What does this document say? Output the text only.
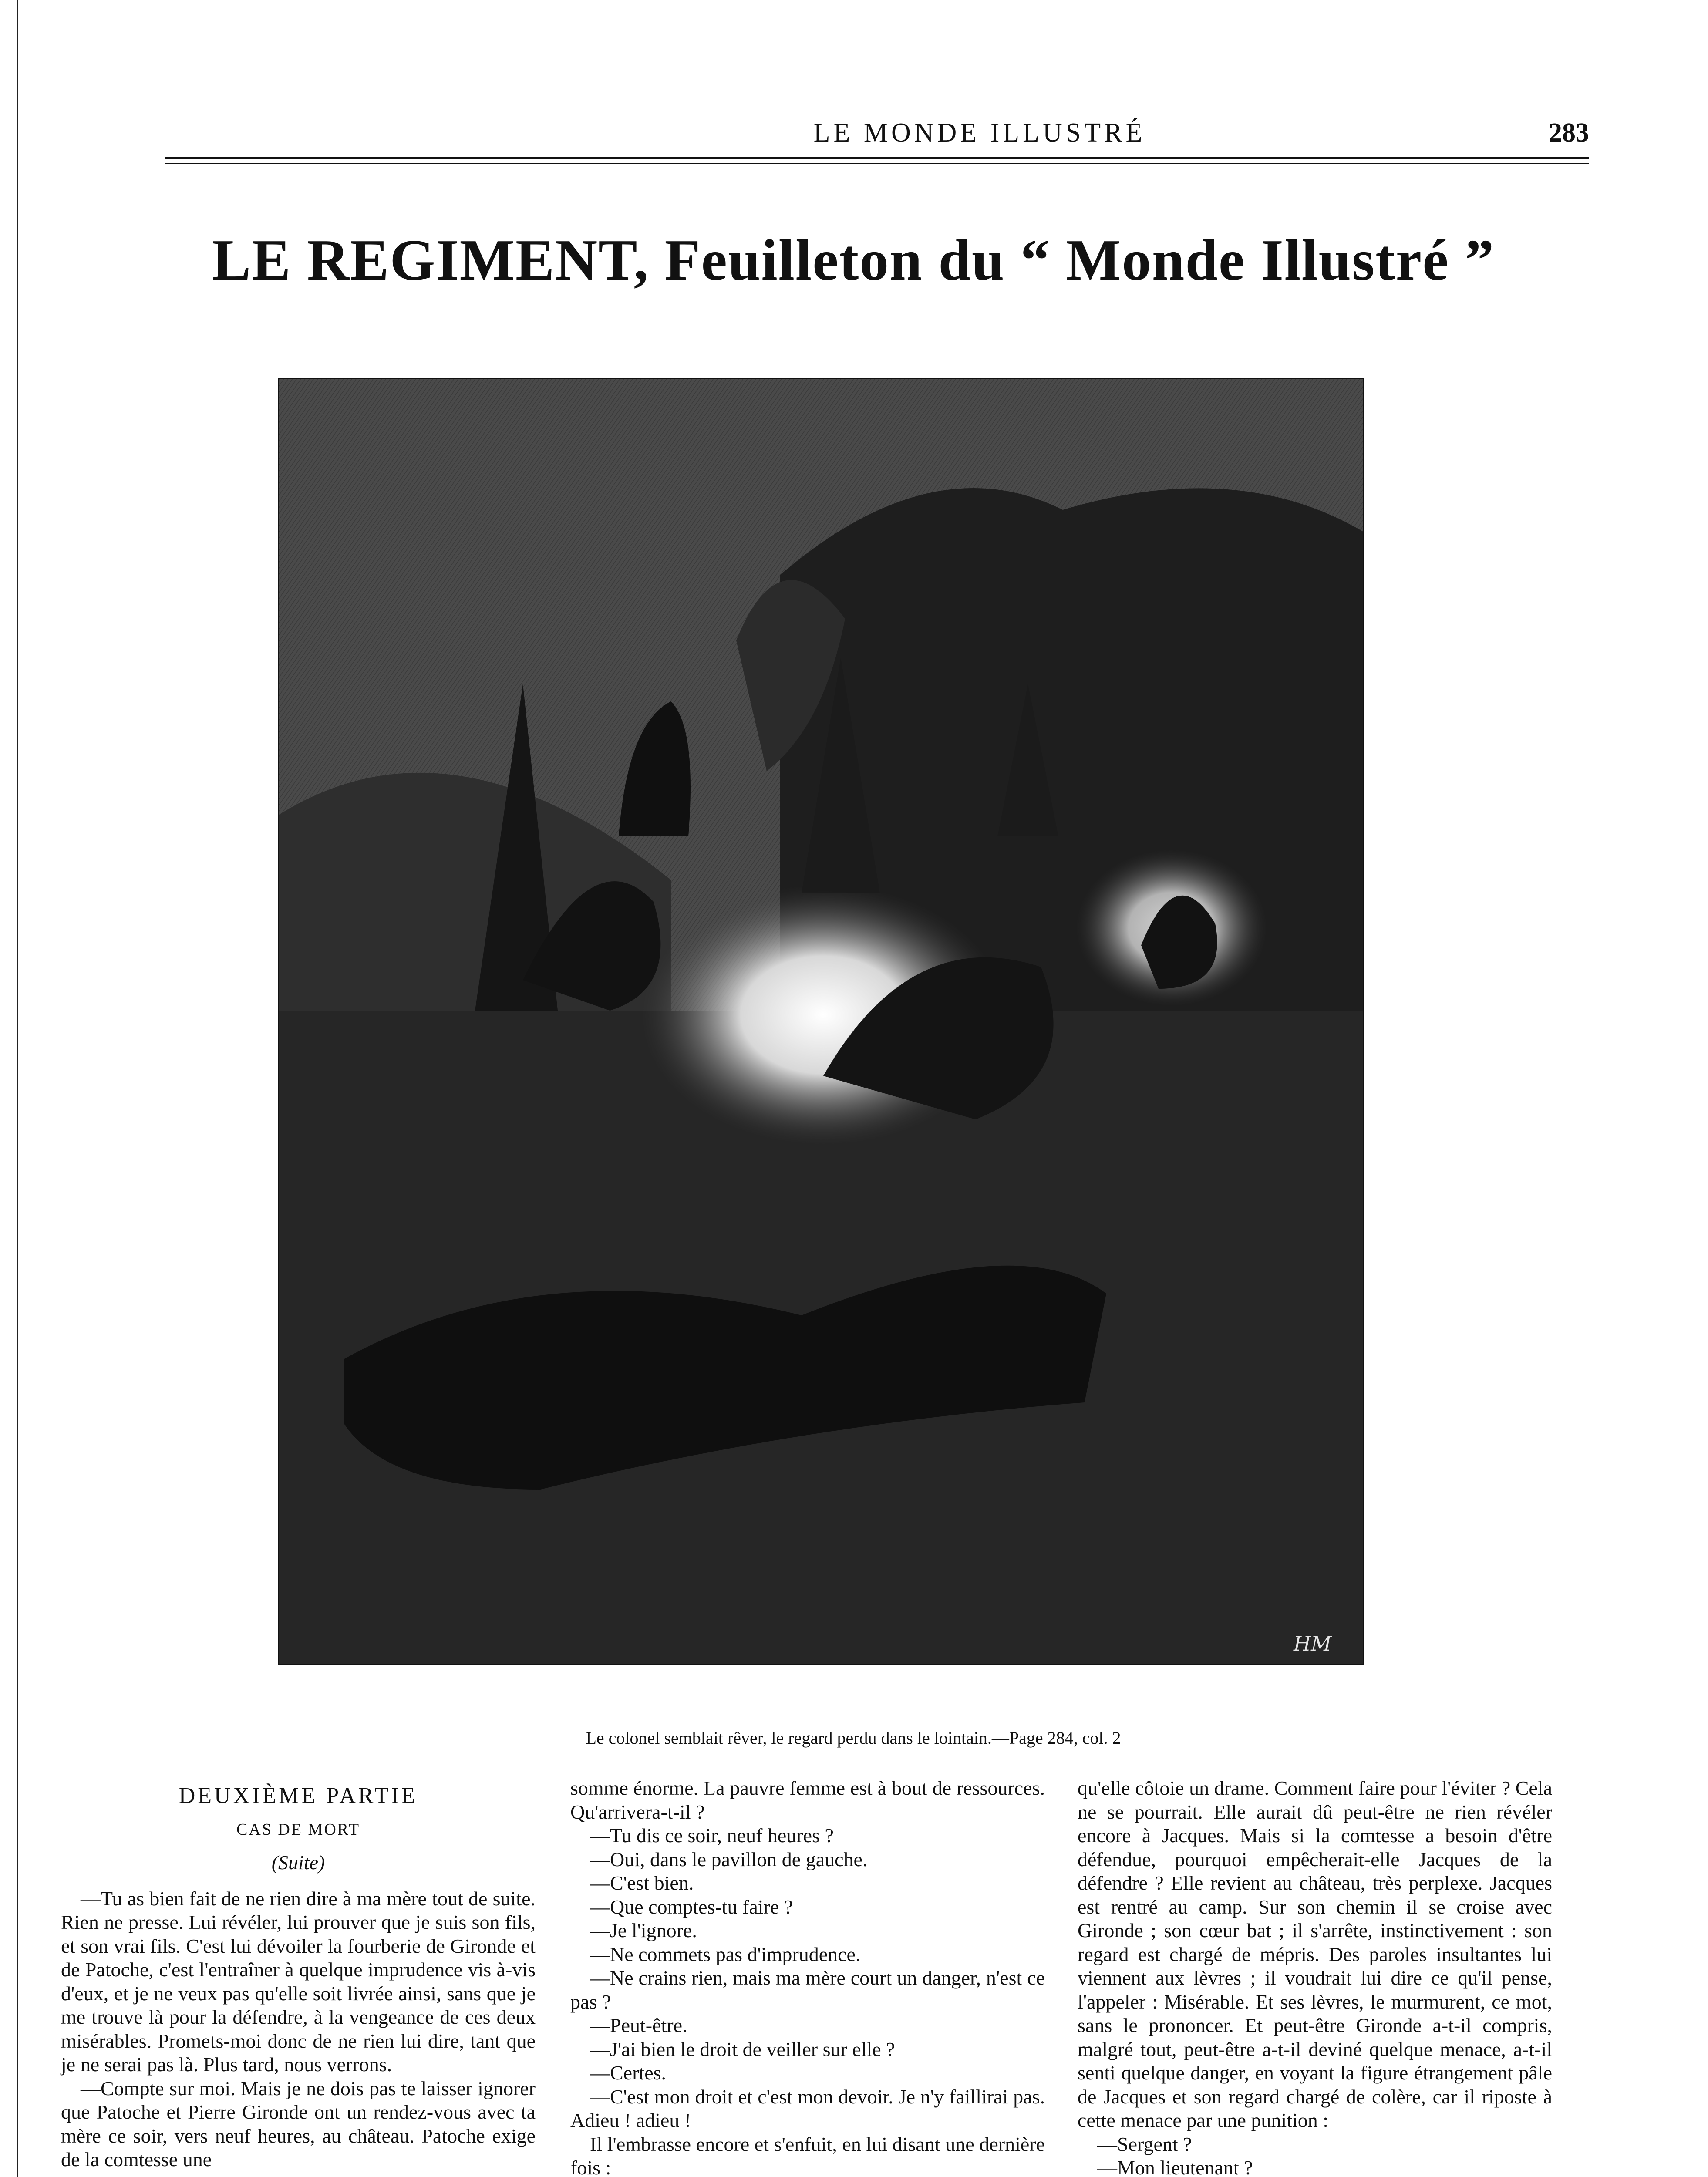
LE MONDE ILLUSTRÉ	283
LE REGIMENT, Feuilleton du “ Monde Illustré ”
HM
Le colonel semblait rêver, le regard perdu dans le lointain.—Page 284, col. 2
DEUXIÈME PARTIE
CAS DE MORT
(Suite)

—Tu as bien fait de ne rien dire à ma mère tout de suite. Rien ne presse. Lui révéler, lui prouver que je suis son fils, et son vrai fils. C'est lui dévoiler la fourberie de Gironde et de Patoche, c'est l'entraîner à quelque imprudence vis à-vis d'eux, et je ne veux pas qu'elle soit livrée ainsi, sans que je me trouve là pour la défendre, à la vengeance de ces deux misérables. Promets-moi donc de ne rien lui dire, tant que je ne serai pas là. Plus tard, nous verrons.

—Compte sur moi. Mais je ne dois pas te laisser ignorer que Patoche et Pierre Gironde ont un rendez-vous avec ta mère ce soir, vers neuf heures, au château. Patoche exige de la comtesse une

somme énorme. La pauvre femme est à bout de ressources. Qu'arrivera-t-il ?

—Tu dis ce soir, neuf heures ?

—Oui, dans le pavillon de gauche.

—C'est bien.

—Que comptes-tu faire ?

—Je l'ignore.

—Ne commets pas d'imprudence.

—Ne crains rien, mais ma mère court un danger, n'est ce pas ?

—Peut-être.

—J'ai bien le droit de veiller sur elle ?

—Certes.

—C'est mon droit et c'est mon devoir. Je n'y faillirai pas. Adieu ! adieu !

Il l'embrasse encore et s'enfuit, en lui disant une dernière fois :

qu'elle côtoie un drame. Comment faire pour l'éviter ? Cela ne se pourrait. Elle aurait dû peut-être ne rien révéler encore à Jacques. Mais si la comtesse a besoin d'être défendue, pourquoi empêcherait-elle Jacques de la défendre ? Elle revient au château, très perplexe. Jacques est rentré au camp. Sur son chemin il se croise avec Gironde ; son cœur bat ; il s'arrête, instinctivement : son regard est chargé de mépris. Des paroles insultantes lui viennent aux lèvres ; il voudrait lui dire ce qu'il pense, l'appeler : Misérable. Et ses lèvres, le murmurent, ce mot, sans le prononcer. Et peut-être Gironde a-t-il compris, malgré tout, peut-être a-t-il deviné quelque menace, a-t-il senti quelque danger, en voyant la figure étrangement pâle de Jacques et son regard chargé de colère, car il riposte à cette menace par une punition :

—Sergent ?

—Mon lieutenant ?
